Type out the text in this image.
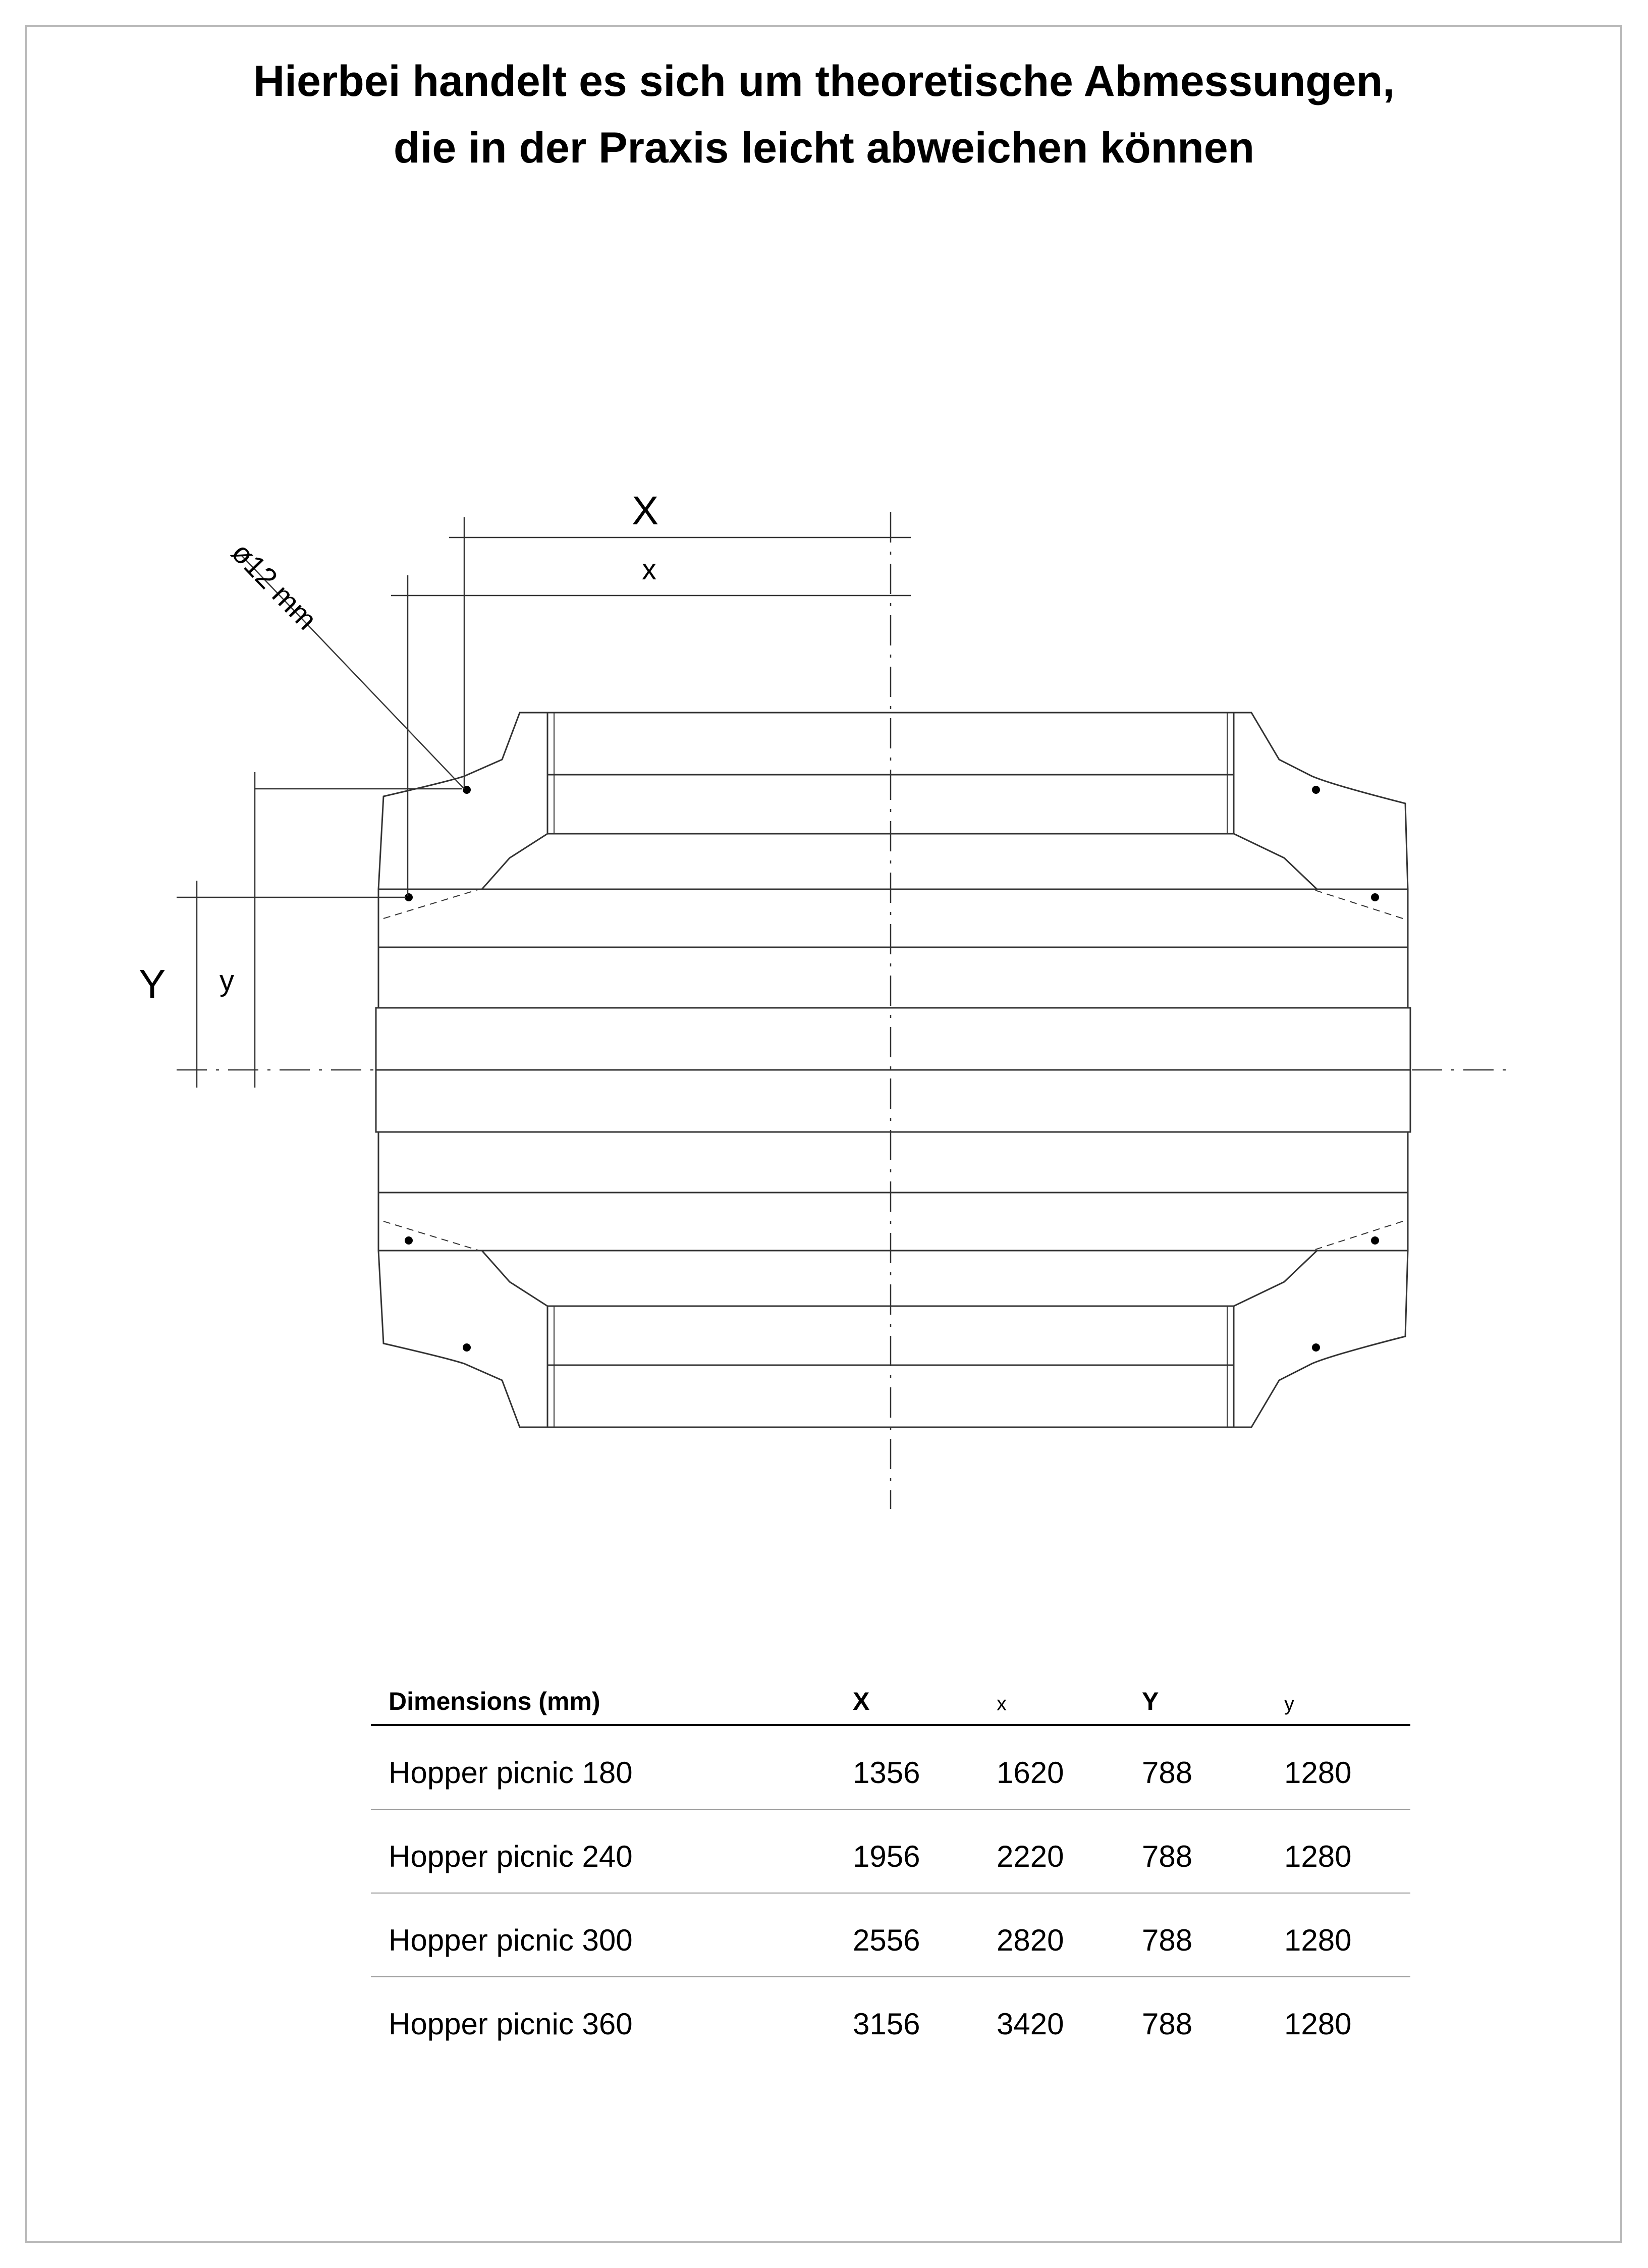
Hierbei handelt es sich um theoretische Abmessungen,
die in der Praxis leicht abweichen können
X
x
Y y
ø12 mm
Dimensions (mm)	X	x	Y	y
Hopper picnic 180	1356	1620	788	1280
Hopper picnic 240	1956	2220	788	1280
Hopper picnic 300	2556	2820	788	1280
Hopper picnic 360	3156	3420	788	1280
